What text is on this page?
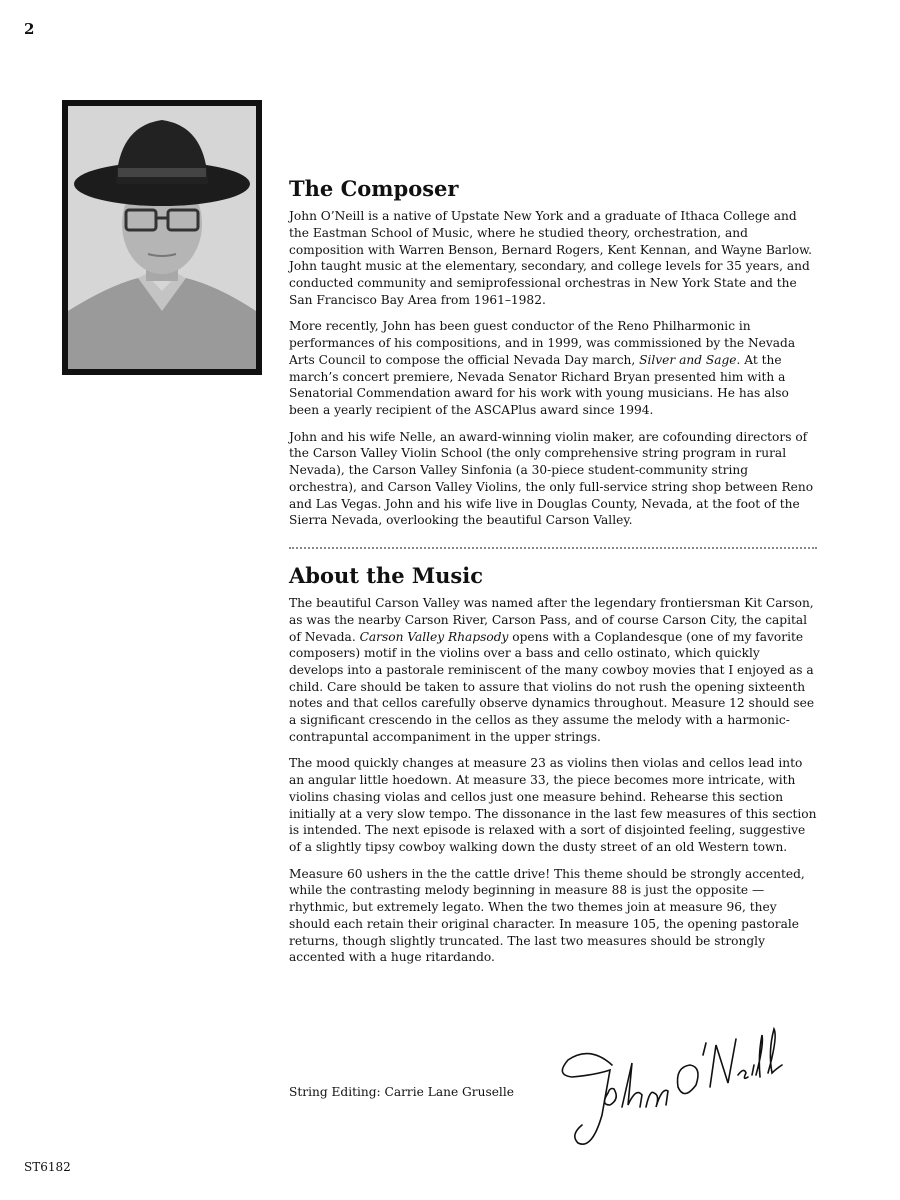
2
The Composer

John O’Neill is a native of Upstate New York and a graduate of Ithaca College and the Eastman School of Music, where he studied theory, orchestration, and composition with Warren Benson, Bernard Rogers, Kent Kennan, and Wayne Barlow. John taught music at the elementary, secondary, and college levels for 35 years, and conducted community and semiprofessional orchestras in New York State and the San Francisco Bay Area from 1961–1982.

More recently, John has been guest conductor of the Reno Philharmonic in performances of his compositions, and in 1999, was commissioned by the Nevada Arts Council to compose the official Nevada Day march, Silver and Sage. At the march’s concert premiere, Nevada Senator Richard Bryan presented him with a Senatorial Commendation award for his work with young musicians. He has also been a yearly recipient of the ASCAPlus award since 1994.

John and his wife Nelle, an award-winning violin maker, are cofounding directors of the Carson Valley Violin School (the only comprehensive string program in rural Nevada), the Carson Valley Sinfonia (a 30-piece student-community string orchestra), and Carson Valley Violins, the only full-service string shop between Reno and Las Vegas. John and his wife live in Douglas County, Nevada, at the foot of the Sierra Nevada, overlooking the beautiful Carson Valley.

About the Music

The beautiful Carson Valley was named after the legendary frontiersman Kit Carson, as was the nearby Carson River, Carson Pass, and of course Carson City, the capital of Nevada. Carson Valley Rhapsody opens with a Coplandesque (one of my favorite composers) motif in the violins over a bass and cello ostinato, which quickly develops into a pastorale reminiscent of the many cowboy movies that I enjoyed as a child. Care should be taken to assure that violins do not rush the opening sixteenth notes and that cellos carefully observe dynamics throughout. Measure 12 should see a significant crescendo in the cellos as they assume the melody with a harmonic-contrapuntal accompaniment in the upper strings.

The mood quickly changes at measure 23 as violins then violas and cellos lead into an angular little hoedown. At measure 33, the piece becomes more intricate, with violins chasing violas and cellos just one measure behind. Rehearse this section initially at a very slow tempo. The dissonance in the last few measures of this section is intended. The next episode is relaxed with a sort of disjointed feeling, suggestive of a slightly tipsy cowboy walking down the dusty street of an old Western town.

Measure 60 ushers in the the cattle drive! This theme should be strongly accented, while the contrasting melody beginning in measure 88 is just the opposite — rhythmic, but extremely legato. When the two themes join at measure 96, they should each retain their original character. In measure 105, the opening pastorale returns, though slightly truncated. The last two measures should be strongly accented with a huge ritardando.

String Editing: Carrie Lane Gruselle
ST6182
